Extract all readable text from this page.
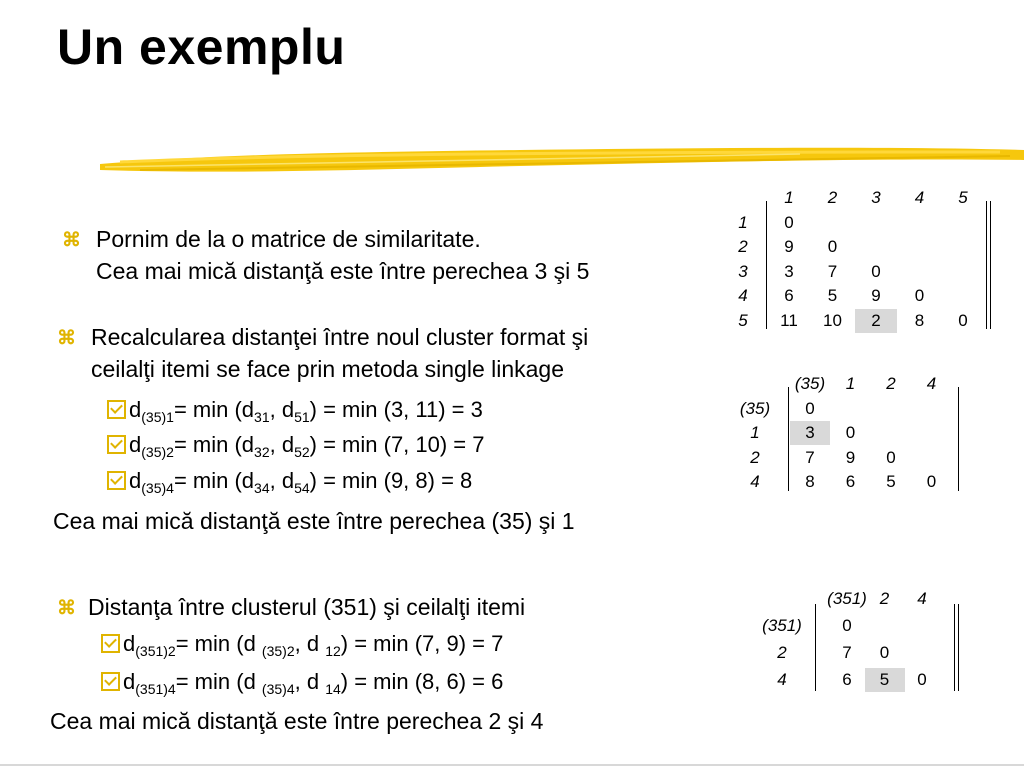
Un exemplu
⌘ Pornim de la o matrice de similaritate.
Cea mai mică distanţă este între perechea 3 şi 5
⌘ Recalcularea distanţei între noul cluster format şi
ceilalţi itemi se face prin metoda single linkage
$d_{(35)1}= \min (d_{31}$, $d_{51}) = \min (3$, 11) = 3
$d_{(35)2}= \min (d_{32}$, $d_{52}) = \min (7$, 10) = 7
$d_{(35)4}= \min (d_{34}$, $d_{54}) = \min (9$, 8) = 8
Cea mai mică distanţă este între perechea (35) şi 1
⌘ Distanţa între clusterul (351) şi ceilalţi itemi
$d_{(351)2}= \min (d$ $_{(35)2}$, d $_{12}$) = min (7, 9) = 7
$d_{(351)4}= \min (d$ $_{(35)4}$, d $_{14}$) = min (8, 6) = 6
Cea mai mică distanţă este între perechea 2 şi 4
1	2	3	4	5
1	0
2	9	0
3	3	7	0
4	6	5	9	0
5	11	10	2	8	0
(35)	1	2	4
(35)	0
1	3	0
2	7	9	0
4	8	6	5	0
(351) 2	4
(351)	0
2	7	0
4	6	5	0
